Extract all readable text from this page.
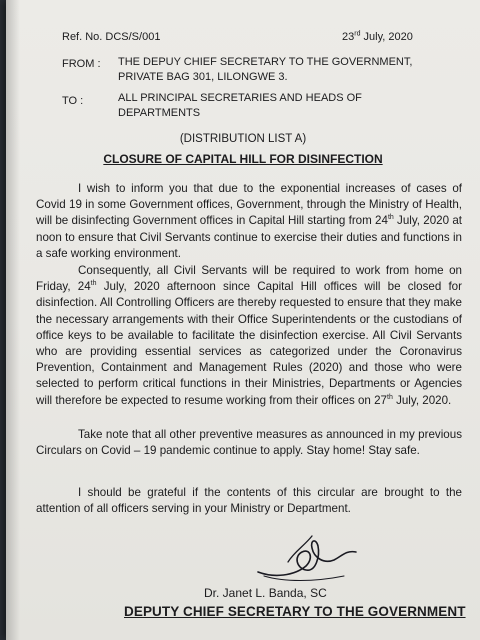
Ref. No. DCS/S/001	23rd July, 2020
FROM : THE DEPUY CHIEF SECRETARY TO THE GOVERNMENT,
PRIVATE BAG 301, LILONGWE 3.
TO :	ALL PRINCIPAL SECRETARIES AND HEADS OF
DEPARTMENTS
(DISTRIBUTION LIST A)
CLOSURE OF CAPITAL HILL FOR DISINFECTION

I wish to inform you that due to the exponential increases of cases of Covid 19 in some Government offices, Government, through the Ministry of Health, will be disinfecting Government offices in Capital Hill starting from 24th July, 2020 at noon to ensure that Civil Servants continue to exercise their duties and functions in a safe working environment.

Consequently, all Civil Servants will be required to work from home on Friday, 24th July, 2020 afternoon since Capital Hill offices will be closed for disinfection. All Controlling Officers are thereby requested to ensure that they make the necessary arrangements with their Office Superintendents or the custodians of office keys to be available to facilitate the disinfection exercise. All Civil Servants who are providing essential services as categorized under the Coronavirus Prevention, Containment and Management Rules (2020) and those who were selected to perform critical functions in their Ministries, Departments or Agencies will therefore be expected to resume working from their offices on 27th July, 2020.

Take note that all other preventive measures as announced in my previous Circulars on Covid – 19 pandemic continue to apply. Stay home! Stay safe.

I should be grateful if the contents of this circular are brought to the attention of all officers serving in your Ministry or Department.

Dr. Janet L. Banda, SC
DEPUTY CHIEF SECRETARY TO THE GOVERNMENT
